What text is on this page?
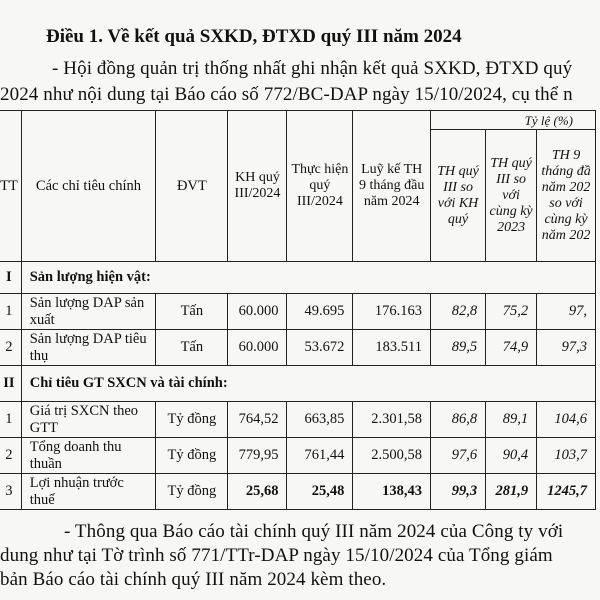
Điều 1. Về kết quả SXKD, ĐTXD quý III năm 2024
- Hội đồng quản trị thống nhất ghi nhận kết quả SXKD, ĐTXD quý
2024 như nội dung tại Báo cáo số 772/BC-DAP ngày 15/10/2024, cụ thể n
TT	Các chỉ tiêu chính	ĐVT	KH quý III/2024	Thực hiện quý III/2024	Luỹ kế TH 9 tháng đầu năm 2024	Tỷ lệ (%)		
						TH quý III so với KH quý	TH quý III so với cùng kỳ 2023	TH 9 tháng đầ năm 202 so với cùng kỳ năm 202
I	Sản lượng hiện vật:							
1	Sản lượng DAP sản xuất	Tấn	60.000	49.695	176.163	82,8	75,2	97,
2	Sản lượng DAP tiêu thụ	Tấn	60.000	53.672	183.511	89,5	74,9	97,3
II	Chỉ tiêu GT SXCN và tài chính:							
1	Giá trị SXCN theo GTT	Tỷ đồng	764,52	663,85	2.301,58	86,8	89,1	104,6
2	Tổng doanh thu thuần	Tỷ đồng	779,95	761,44	2.500,58	97,6	90,4	103,7
3	Lợi nhuận trước thuế	Tỷ đồng	25,68	25,48	138,43	99,3	281,9	1245,7
- Thông qua Báo cáo tài chính quý III năm 2024 của Công ty với
dung như tại Tờ trình số 771/TTr-DAP ngày 15/10/2024 của Tổng giám
bản Báo cáo tài chính quý III năm 2024 kèm theo.
